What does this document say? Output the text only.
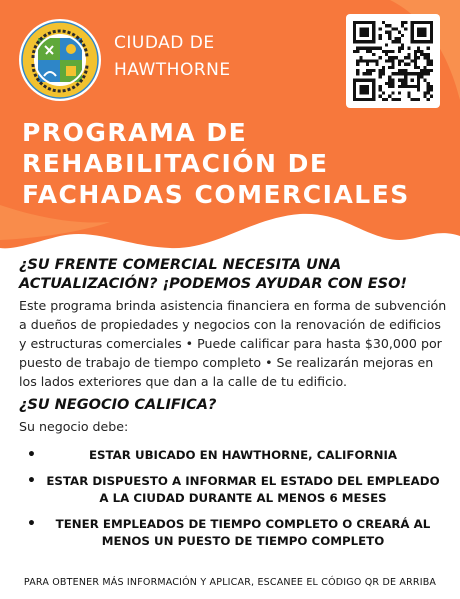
CIUDAD DE
HAWTHORNE
PROGRAMA DE
REHABILITACIÓN DE
FACHADAS COMERCIALES
¿SU FRENTE COMERCIAL NECESITA UNA ACTUALIZACIÓN? ¡PODEMOS AYUDAR CON ESO!
Este programa brinda asistencia financiera en forma de subvención a dueños de propiedades y negocios con la renovación de edificios y estructuras comerciales • Puede calificar para hasta $30,000 por puesto de trabajo de tiempo completo • Se realizarán mejoras en los lados exteriores que dan a la calle de tu edificio.
¿SU NEGOCIO CALIFICA?
Su negocio debe:
•	ESTAR UBICADO EN HAWTHORNE, CALIFORNIA
• ESTAR DISPUESTO A INFORMAR EL ESTADO DEL EMPLEADO A LA CIUDAD DURANTE AL MENOS 6 MESES
• TENER EMPLEADOS DE TIEMPO COMPLETO O CREARÁ AL MENOS UN PUESTO DE TIEMPO COMPLETO
PARA OBTENER MÁS INFORMACIÓN Y APLICAR, ESCANEE EL CÓDIGO QR DE ARRIBA
